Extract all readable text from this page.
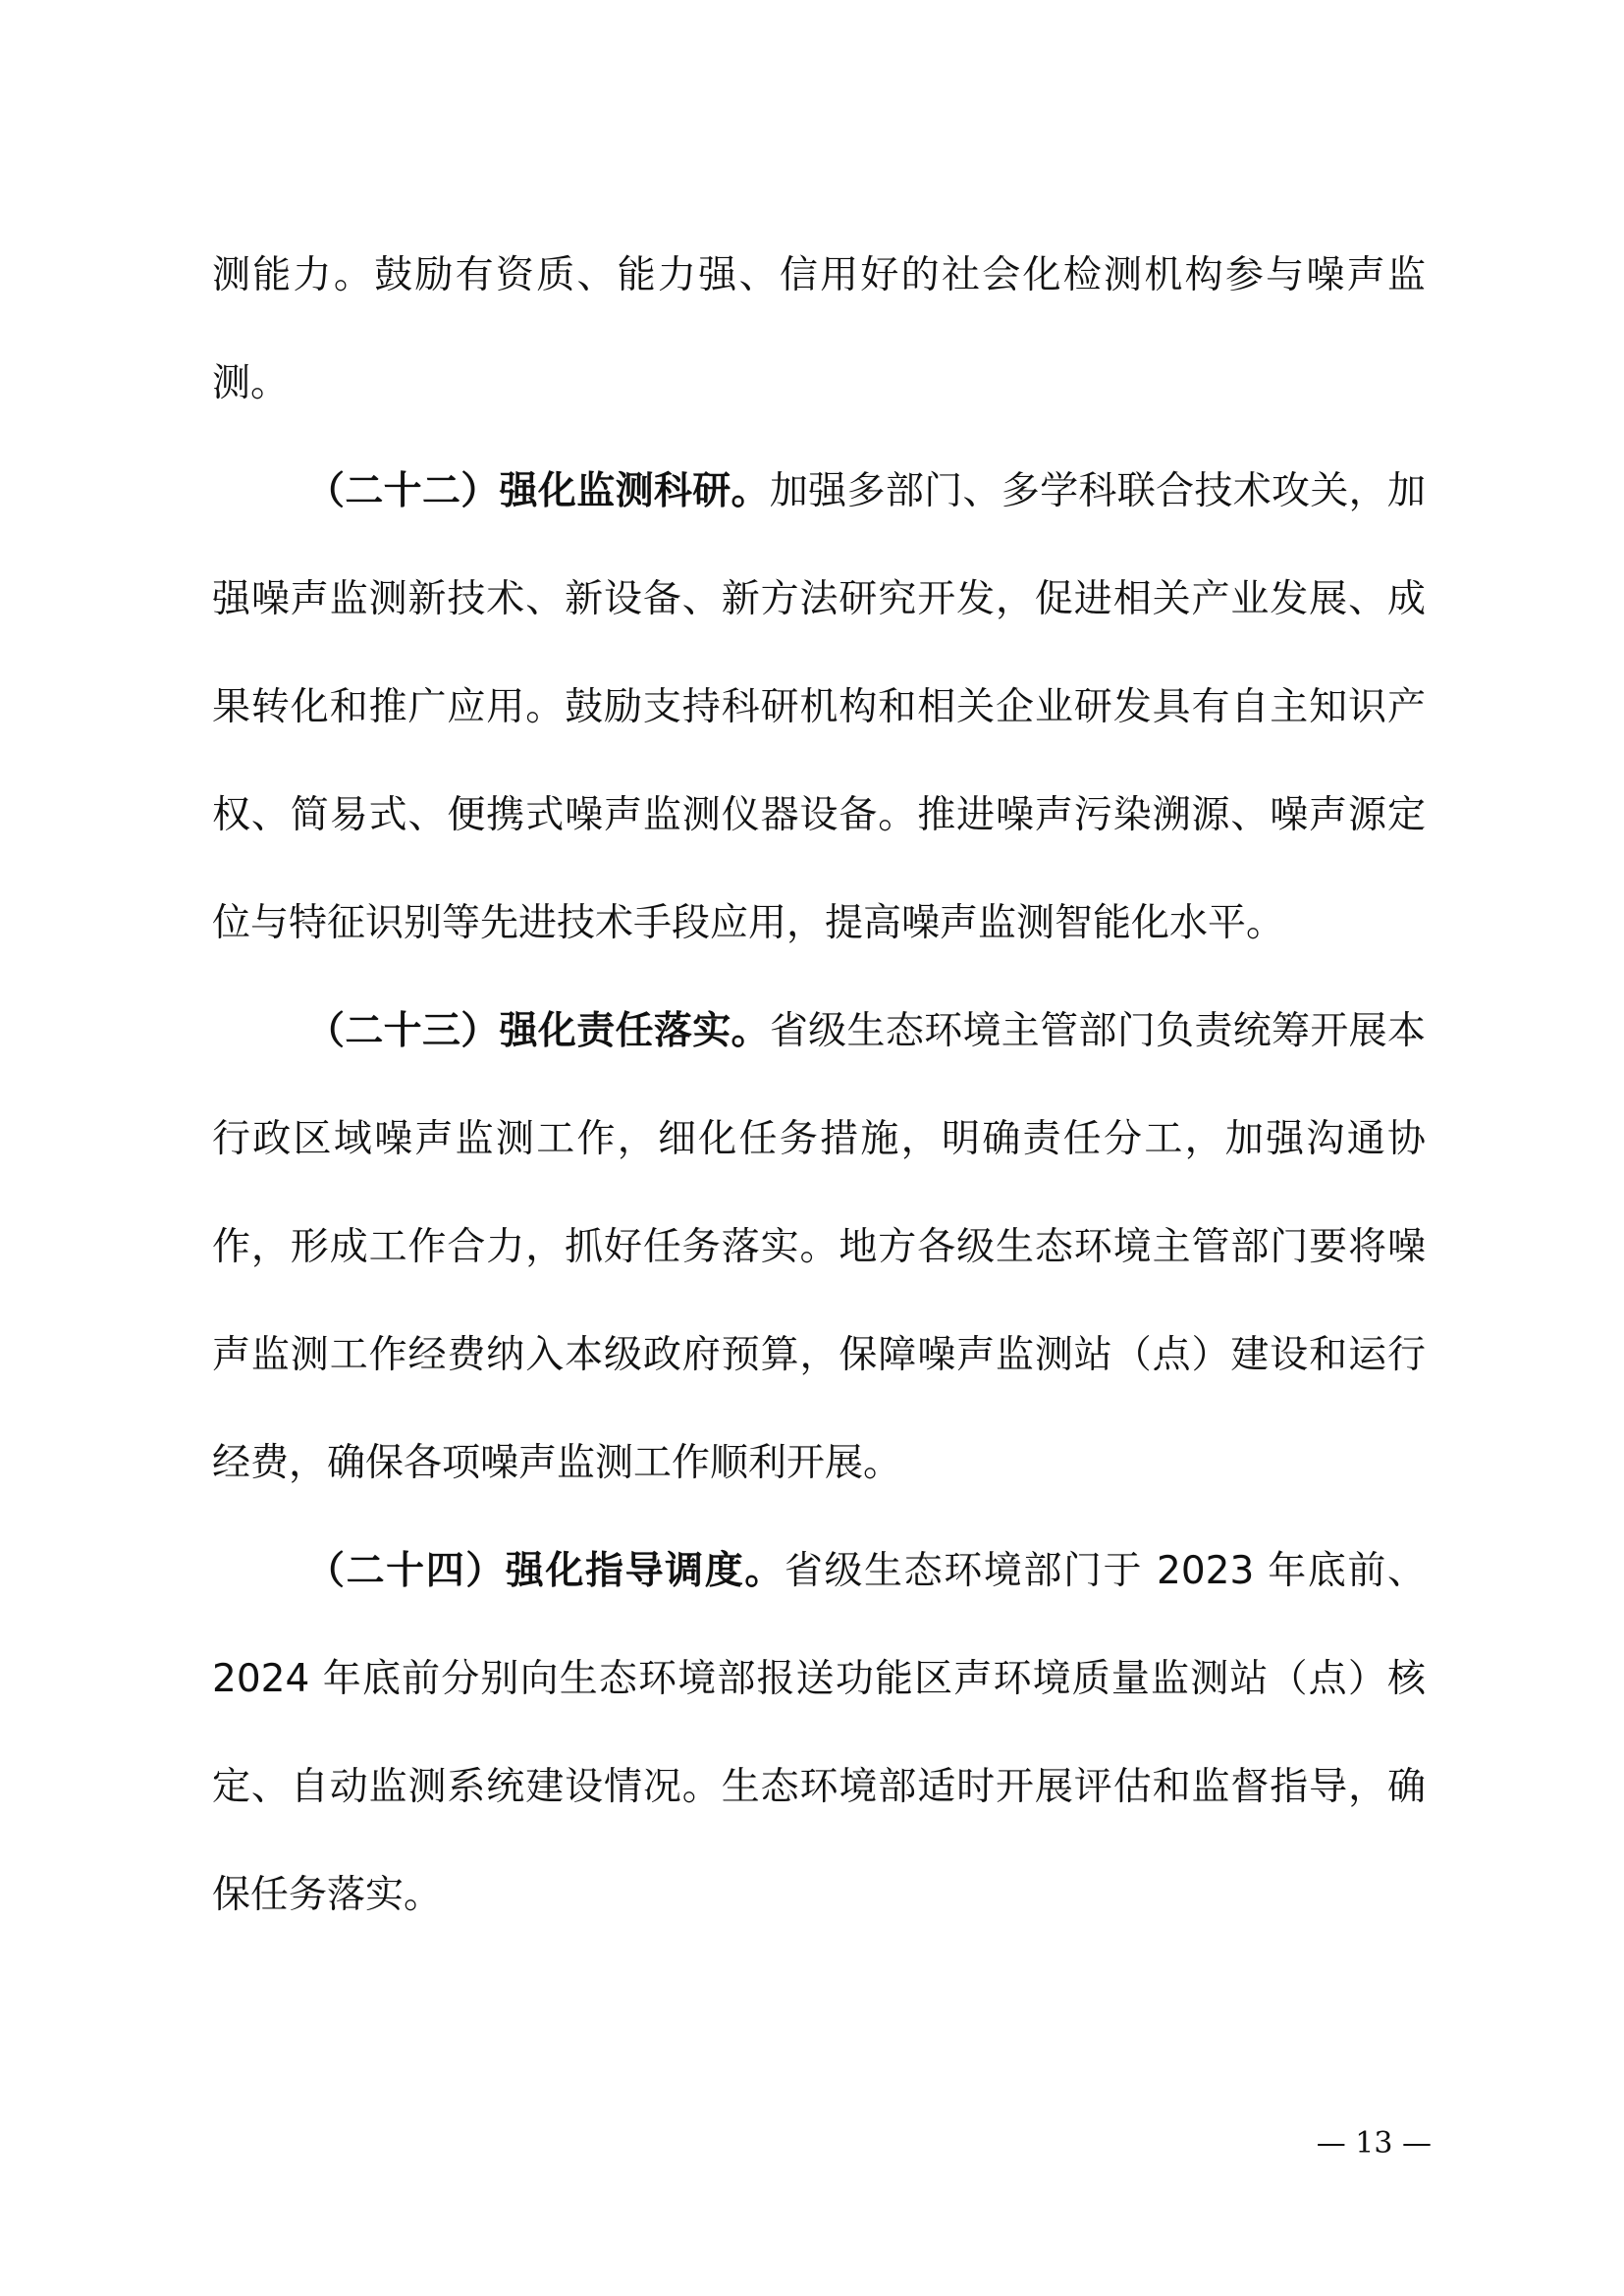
测能力。鼓励有资质、能力强、信用好的社会化检测机构参与噪声监测。

（二十二）强化监测科研。加强多部门、多学科联合技术攻关，加强噪声监测新技术、新设备、新方法研究开发，促进相关产业发展、成果转化和推广应用。鼓励支持科研机构和相关企业研发具有自主知识产权、简易式、便携式噪声监测仪器设备。推进噪声污染溯源、噪声源定位与特征识别等先进技术手段应用，提高噪声监测智能化水平。

（二十三）强化责任落实。省级生态环境主管部门负责统筹开展本行政区域噪声监测工作，细化任务措施，明确责任分工，加强沟通协作，形成工作合力，抓好任务落实。地方各级生态环境主管部门要将噪声监测工作经费纳入本级政府预算，保障噪声监测站（点）建设和运行经费，确保各项噪声监测工作顺利开展。

（二十四）强化指导调度。省级生态环境部门于 2023 年底前、2024 年底前分别向生态环境部报送功能区声环境质量监测站（点）核定、自动监测系统建设情况。生态环境部适时开展评估和监督指导，确保任务落实。

— 13 —
